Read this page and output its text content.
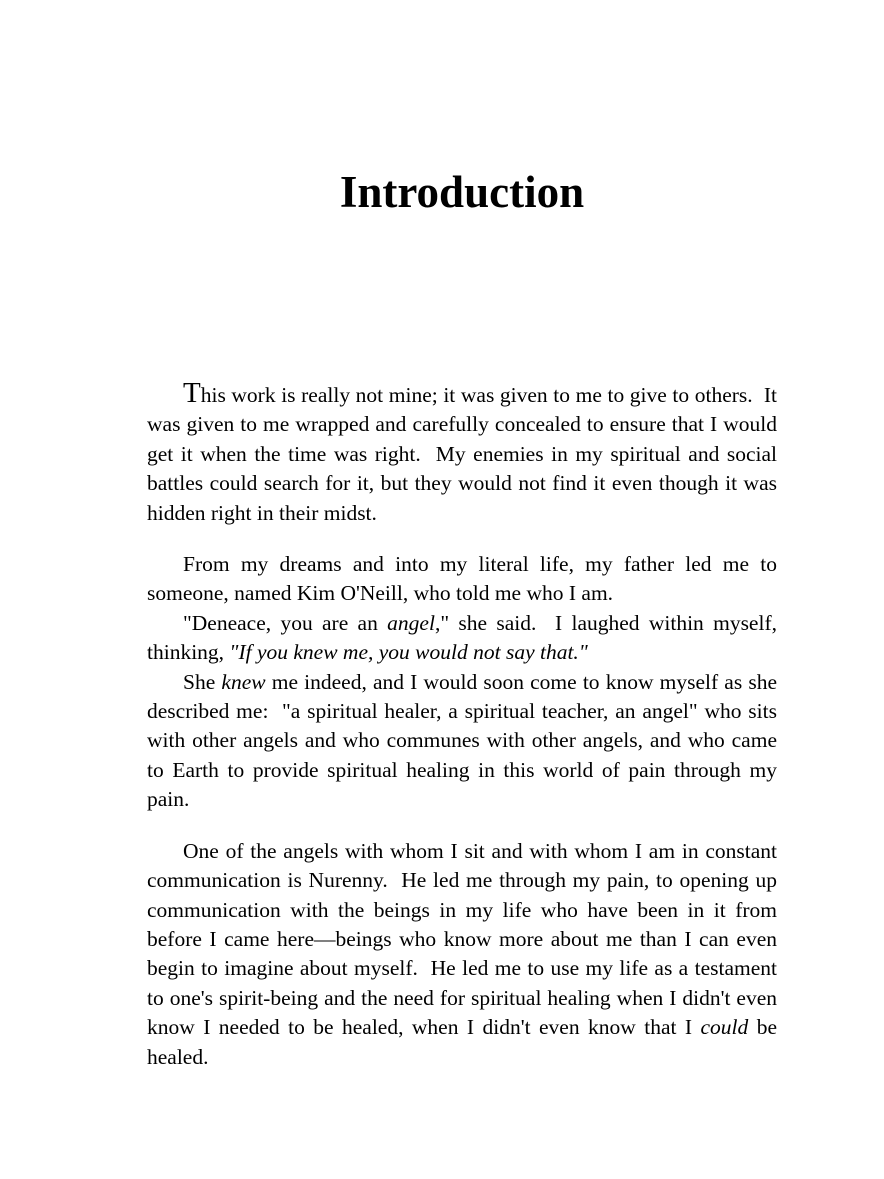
Introduction

This work is really not mine; it was given to me to give to others.  It was given to me wrapped and carefully concealed to ensure that I would get it when the time was right.  My enemies in my spiritual and social battles could search for it, but they would not find it even though it was hidden right in their midst.

From my dreams and into my literal life, my father led me to someone, named Kim O'Neill, who told me who I am.

"Deneace, you are an angel," she said.  I laughed within myself, thinking, "If you knew me, you would not say that."

She knew me indeed, and I would soon come to know myself as she described me:  "a spiritual healer, a spiritual teacher, an angel" who sits with other angels and who communes with other angels, and who came to Earth to provide spiritual healing in this world of pain through my pain.

One of the angels with whom I sit and with whom I am in constant communication is Nurenny.  He led me through my pain, to opening up communication with the beings in my life who have been in it from before I came here—beings who know more about me than I can even begin to imagine about myself.  He led me to use my life as a testament to one's spirit-being and the need for spiritual healing when I didn't even know I needed to be healed, when I didn't even know that I could be healed.
